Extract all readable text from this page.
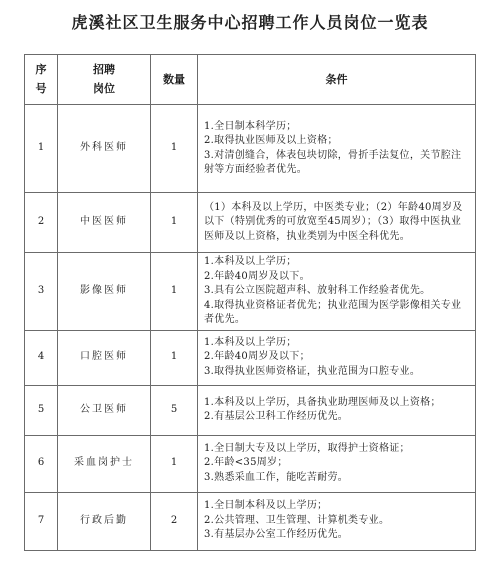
虎溪社区卫生服务中心招聘工作人员岗位一览表
序
号	招聘
岗位	数量	条件
1	外科医师	1	1.全日制本科学历；
2.取得执业医师及以上资格；
3.对清创缝合，体表包块切除，骨折手法复位，关节腔注射等方面经验者优先。

2	中医医师	1	（1）本科及以上学历，中医类专业；（2）年龄40周岁及以下（特别优秀的可放宽至45周岁）；（3）取得中医执业医师及以上资格，执业类别为中医全科优先。

3	影像医师	1	1.本科及以上学历；
2.年龄40周岁及以下。
3.具有公立医院超声科、放射科工作经验者优先。
4.取得执业资格证者优先；执业范围为医学影像相关专业者优先。

4	口腔医师	1	1.本科及以上学历；
2.年龄40周岁及以下；
3.取得执业医师资格证，执业范围为口腔专业。

5	公卫医师	5	1.本科及以上学历，具备执业助理医师及以上资格；
2.有基层公卫科工作经历优先。

6	采血岗护士	1	1.全日制大专及以上学历，取得护士资格证；
2.年龄<35周岁；
3.熟悉采血工作，能吃苦耐劳。

7	行政后勤	2	1.全日制本科及以上学历；
2.公共管理、卫生管理、计算机类专业。
3.有基层办公室工作经历优先。
